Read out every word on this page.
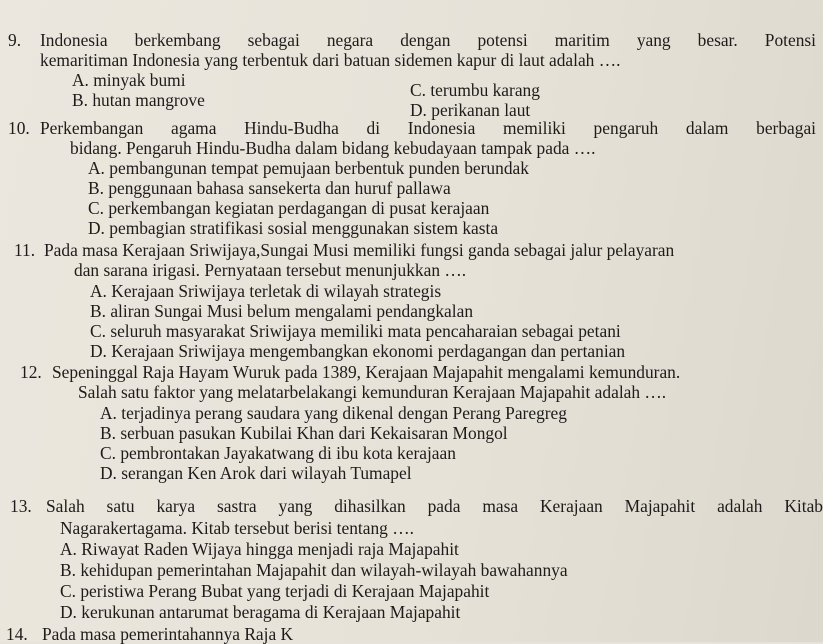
9. Indonesia berkembang sebagai negara dengan potensi maritim yang besar. Potensi
kemaritiman Indonesia yang terbentuk dari batuan sidemen kapur di laut adalah ….
A. minyak bumi
B. hutan mangrove	C. terumbu karang
D. perikanan laut
10. Perkembangan agama Hindu-Budha di Indonesia memiliki pengaruh dalam berbagai
bidang. Pengaruh Hindu-Budha dalam bidang kebudayaan tampak pada ….
A. pembangunan tempat pemujaan berbentuk punden berundak
B. penggunaan bahasa sansekerta dan huruf pallawa
C. perkembangan kegiatan perdagangan di pusat kerajaan
D. pembagian stratifikasi sosial menggunakan sistem kasta
11. Pada masa Kerajaan Sriwijaya,Sungai Musi memiliki fungsi ganda sebagai jalur pelayaran
dan sarana irigasi. Pernyataan tersebut menunjukkan ….
A. Kerajaan Sriwijaya terletak di wilayah strategis
B. aliran Sungai Musi belum mengalami pendangkalan
C. seluruh masyarakat Sriwijaya memiliki mata pencaharaian sebagai petani
D. Kerajaan Sriwijaya mengembangkan ekonomi perdagangan dan pertanian
12. Sepeninggal Raja Hayam Wuruk pada 1389, Kerajaan Majapahit mengalami kemunduran.
Salah satu faktor yang melatarbelakangi kemunduran Kerajaan Majapahit adalah ….
A. terjadinya perang saudara yang dikenal dengan Perang Paregreg
B. serbuan pasukan Kubilai Khan dari Kekaisaran Mongol
C. pembrontakan Jayakatwang di ibu kota kerajaan
D. serangan Ken Arok dari wilayah Tumapel
13. Salah satu karya sastra yang dihasilkan pada masa Kerajaan Majapahit adalah Kitab
Nagarakertagama. Kitab tersebut berisi tentang ….
A. Riwayat Raden Wijaya hingga menjadi raja Majapahit
B. kehidupan pemerintahan Majapahit dan wilayah-wilayah bawahannya
C. peristiwa Perang Bubat yang terjadi di Kerajaan Majapahit
D. kerukunan antarumat beragama di Kerajaan Majapahit
14. Pada masa pemerintahannya Raja K
